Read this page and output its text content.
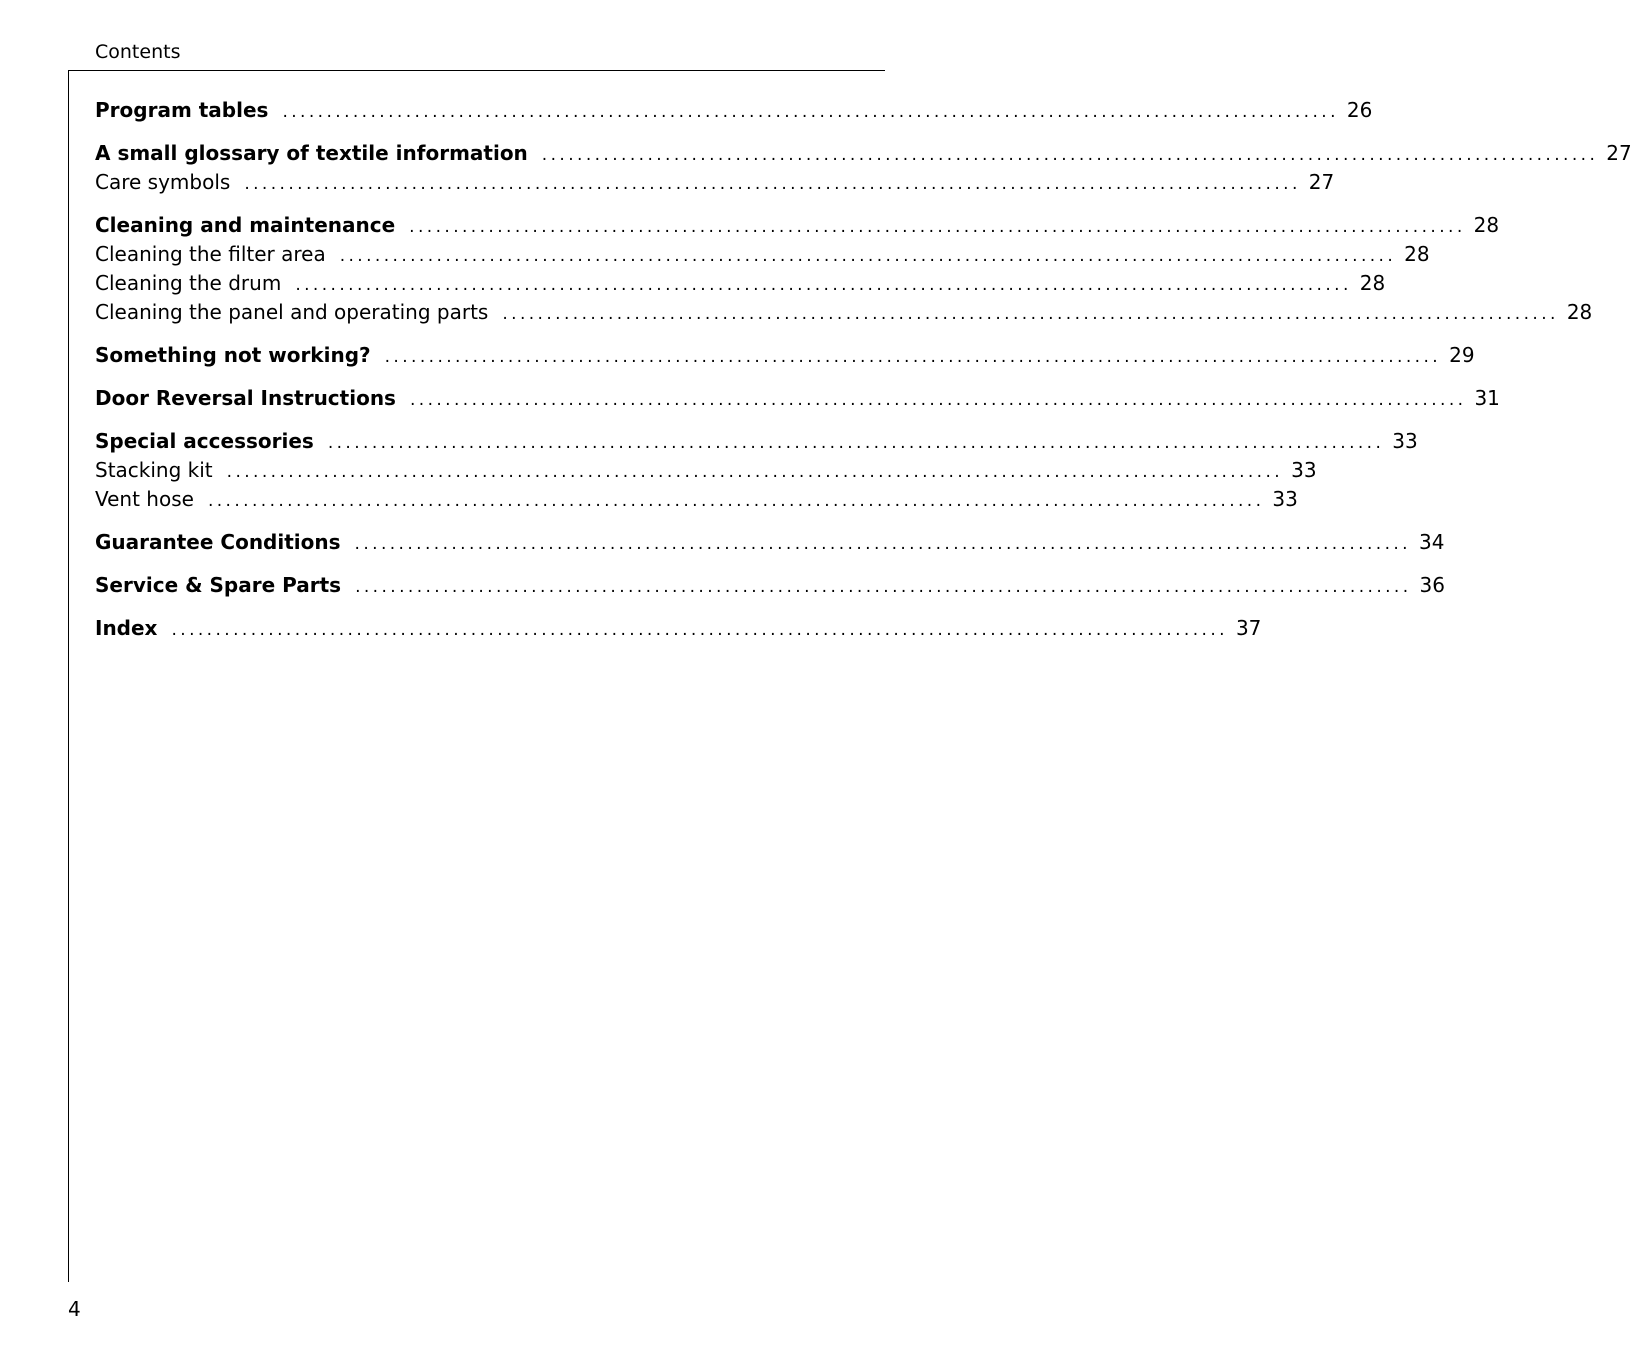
Contents
Program tables ........................................................................................................................ 26
A small glossary of textile information ........................................................................................................................ 27
Care symbols ........................................................................................................................ 27
Cleaning and maintenance ........................................................................................................................ 28
Cleaning the filter area ........................................................................................................................ 28
Cleaning the drum ........................................................................................................................ 28
Cleaning the panel and operating parts ........................................................................................................................ 28
Something not working? ........................................................................................................................ 29
Door Reversal Instructions ........................................................................................................................ 31
Special accessories ........................................................................................................................ 33
Stacking kit ........................................................................................................................ 33
Vent hose ........................................................................................................................ 33
Guarantee Conditions ........................................................................................................................ 34
Service & Spare Parts ........................................................................................................................ 36
Index ........................................................................................................................ 37
4
